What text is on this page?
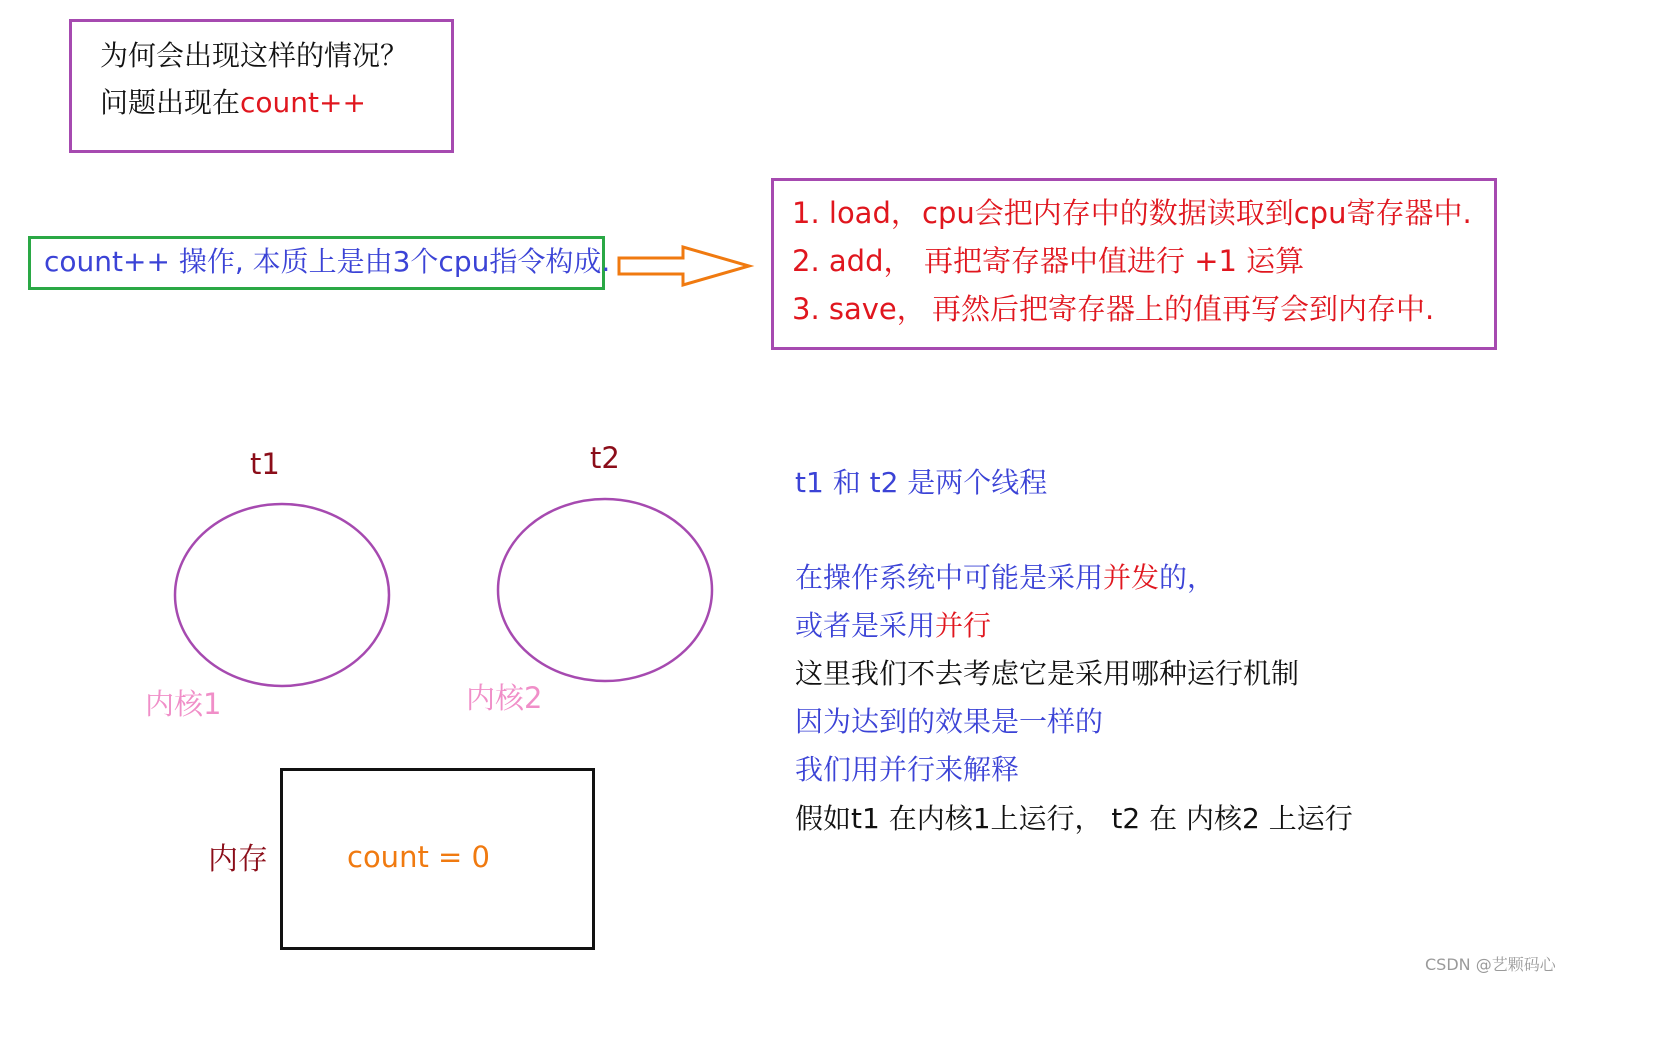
为何会出现这样的情况？
问题出现在count++
count++ 操作, 本质上是由3个cpu指令构成.
1. load，cpu会把内存中的数据读取到cpu寄存器中.
2. add， 再把寄存器中值进行 +1 运算
3. save， 再然后把寄存器上的值再写会到内存中.
t1	t2
内核1	内核2
内存	count = 0
t1 和 t2 是两个线程
在操作系统中可能是采用并发的，
或者是采用并行
这里我们不去考虑它是采用哪种运行机制
因为达到的效果是一样的
我们用并行来解释
假如t1 在内核1上运行， t2 在 内核2 上运行
CSDN @艺颗码心
